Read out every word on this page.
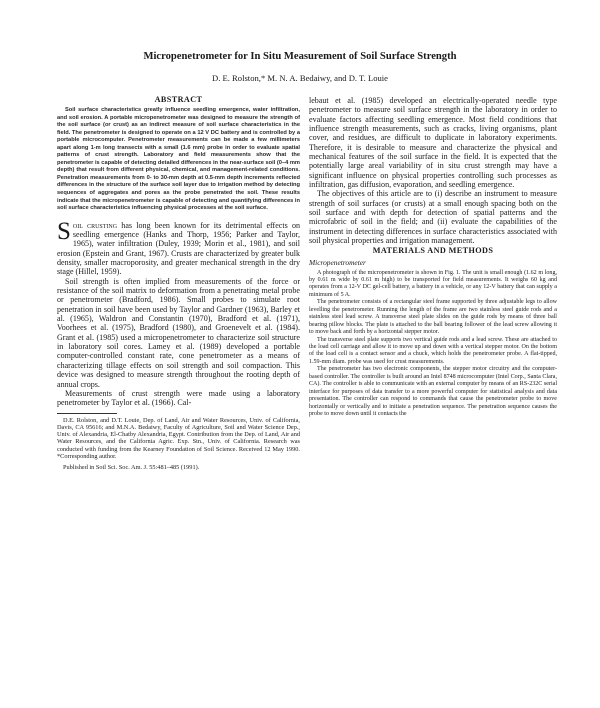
Micropenetrometer for In Situ Measurement of Soil Surface Strength

D. E. Rolston,* M. N. A. Bedaiwy, and D. T. Louie

ABSTRACT

Soil surface characteristics greatly influence seedling emergence, water infiltration, and soil erosion. A portable micropenetrometer was designed to measure the strength of the soil surface (or crust) as an indirect measure of soil surface characteristics in the field. The penetrometer is designed to operate on a 12 V DC battery and is controlled by a portable microcomputer. Penetrometer measurements can be made a few millimeters apart along 1-m long transects with a small (1.6 mm) probe in order to evaluate spatial patterns of crust strength. Laboratory and field measurements show that the penetrometer is capable of detecting detailed differences in the near-surface soil (0–4 mm depth) that result from different physical, chemical, and management-related conditions. Penetration measurements from 0- to 30-mm depth at 0.5-mm depth increments reflected differences in the structure of the surface soil layer due to irrigation method by detecting sequences of aggregates and pores as the probe penetrated the soil. These results indicate that the micropenetrometer is capable of detecting and quantifying differences in soil surface characteristics influencing physical processes at the soil surface.

Soil crusting has long been known for its detrimental effects on seedling emergence (Hanks and Thorp, 1956; Parker and Taylor, 1965), water infiltration (Duley, 1939; Morin et al., 1981), and soil erosion (Epstein and Grant, 1967). Crusts are characterized by greater bulk density, smaller macroporosity, and greater mechanical strength in the dry stage (Hillel, 1959).

Soil strength is often implied from measurements of the force or resistance of the soil matrix to deformation from a penetrating metal probe or penetrometer (Bradford, 1986). Small probes to simulate root penetration in soil have been used by Taylor and Gardner (1963), Barley et al. (1965), Waldron and Constantin (1970), Bradford et al. (1971), Voorhees et al. (1975), Bradford (1980), and Groenevelt et al. (1984). Grant et al. (1985) used a micropenetrometer to characterize soil structure in laboratory soil cores. Lamey et al. (1989) developed a portable computer-controlled constant rate, cone penetrometer as a means of characterizing tillage effects on soil strength and soil compaction. This device was designed to measure strength throughout the rooting depth of annual crops.

Measurements of crust strength were made using a laboratory penetrometer by Taylor et al. (1966). Cal-

D.E. Rolston, and D.T. Louie, Dep. of Land, Air and Water Resources, Univ. of California, Davis, CA 95616; and M.N.A. Bedaiwy, Faculty of Agriculture, Soil and Water Science Dep., Univ. of Alexandria, El-Chatby Alexandria, Egypt. Contribution from the Dep. of Land, Air and Water Resources, and the California Agric. Exp. Stn., Univ. of California. Research was conducted with funding from the Kearney Foundation of Soil Science. Received 12 May 1990. *Corresponding author.

Published in Soil Sci. Soc. Am. J. 55:481–485 (1991).

lebaut et al. (1985) developed an electrically-operated needle type penetrometer to measure soil surface strength in the laboratory in order to evaluate factors affecting seedling emergence. Most field conditions that influence strength measurements, such as cracks, living organisms, plant cover, and residues, are difficult to duplicate in laboratory experiments. Therefore, it is desirable to measure and characterize the physical and mechanical features of the soil surface in the field. It is expected that the potentially large areal variability of in situ crust strength may have a significant influence on physical properties controlling such processes as infiltration, gas diffusion, evaporation, and seedling emergence.

The objectives of this article are to (i) describe an instrument to measure strength of soil surfaces (or crusts) at a small enough spacing both on the soil surface and with depth for detection of spatial patterns and the microfabric of soil in the field; and (ii) evaluate the capabilities of the instrument in detecting differences in surface characteristics associated with soil physical properties and irrigation management.

MATERIALS AND METHODS

Micropenetrometer

A photograph of the micropenetrometer is shown in Fig. 1. The unit is small enough (1.62 m long, by 0.61 m wide by 0.61 m high) to be transported for field measurements. It weighs 60 kg and operates from a 12-V DC gel-cell battery, a battery in a vehicle, or any 12-V battery that can supply a minimum of 5 A.

The penetrometer consists of a rectangular steel frame supported by three adjustable legs to allow levelling the penetrometer. Running the length of the frame are two stainless steel guide rods and a stainless steel lead screw. A transverse steel plate slides on the guide rods by means of three ball bearing pillow blocks. The plate is attached to the ball bearing follower of the lead screw allowing it to move back and forth by a horizontal stepper motor.

The transverse steel plate supports two vertical guide rods and a lead screw. These are attached to the load cell carriage and allow it to move up and down with a vertical stepper motor. On the bottom of the load cell is a contact sensor and a chuck, which holds the penetrometer probe. A flat-tipped, 1.59-mm diam. probe was used for crust measurements.

The penetrometer has two electronic components, the stepper motor circuitry and the computer-based controller. The controller is built around an Intel 8748 microcomputer (Intel Corp., Santa Clara, CA). The controller is able to communicate with an external computer by means of an RS-232C serial interface for purposes of data transfer to a more powerful computer for statistical analysis and data presentation. The controller can respond to commands that cause the penetrometer probe to move horizontally or vertically and to initiate a penetration sequence. The penetration sequence causes the probe to move down until it contacts the
